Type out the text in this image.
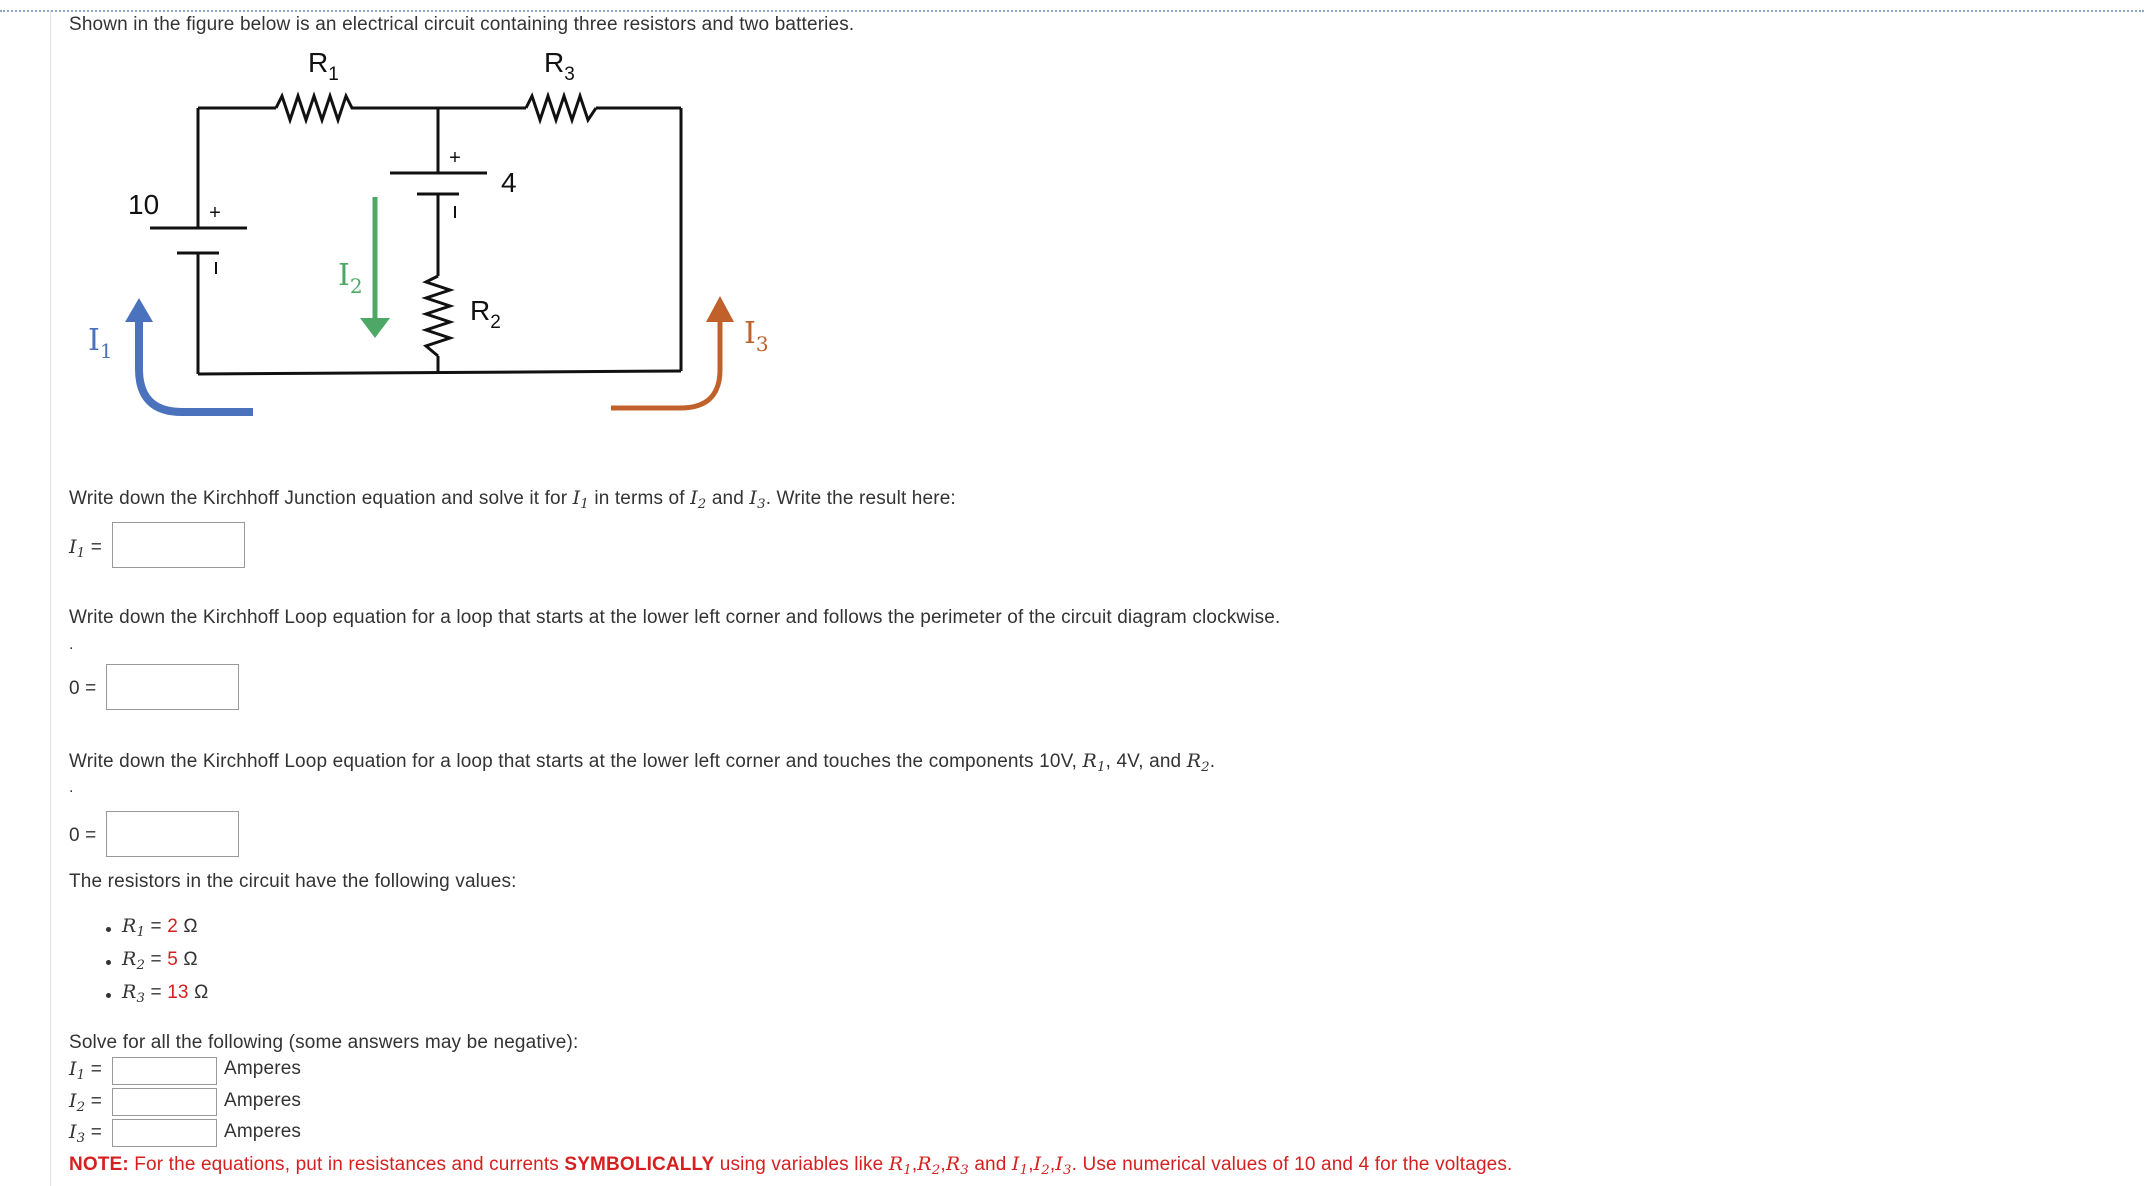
Shown in the figure below is an electrical circuit containing three resistors and two batteries.
+
+
$R_1$	$R_3$
$R_2$
10
4
$I_1$
$I_2$
$I_3$
Write down the Kirchhoff Junction equation and solve it for $I_1$ in terms of $I_2$ and $I_3$. Write the result here:
$I_1$ =
Write down the Kirchhoff Loop equation for a loop that starts at the lower left corner and follows the perimeter of the circuit diagram clockwise.
.
0 =
Write down the Kirchhoff Loop equation for a loop that starts at the lower left corner and touches the components 10V, $R_1$, 4V, and $R_2$.
.
0 =
The resistors in the circuit have the following values:
$R_1 = 2$ Ω
$R_2 = 5$ Ω
$R_3 = 13$ Ω
Solve for all the following (some answers may be negative):
$I_1$ =	Amperes
$I_2$ =	Amperes
$I_3$ =	Amperes
NOTE: For the equations, put in resistances and currents SYMBOLICALLY using variables like $R_1,R_2,R_3$ and $I_1,I_2,I_3$. Use numerical values of 10 and 4 for the voltages.
